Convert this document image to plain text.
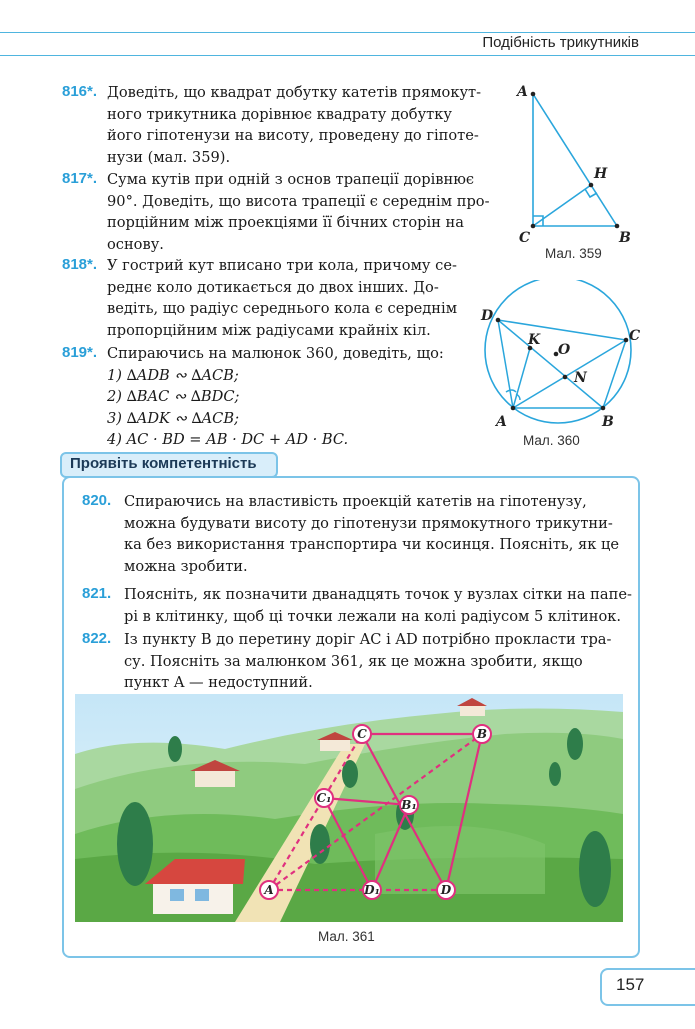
Подібність трикутників
816*. Доведіть, що квадрат добутку катетів прямокут-
ного трикутника дорівнює квадрату добутку
його гіпотенузи на висоту, проведену до гіпоте-
нузи (мал. 359).
817*. Сума кутів при одній з основ трапеції дорівнює
90°. Доведіть, що висота трапеції є середнім про-
порційним між проекціями її бічних сторін на
основу.
818*. У гострий кут вписано три кола, причому се-
реднє коло дотикається до двох інших. До-
ведіть, що радіус середнього кола є середнім
пропорційним між радіусами крайніх кіл.
819*. Спираючись на малюнок 360, доведіть, що:
1) ∆ADB ∾ ∆ACB;
2) ∆BAC ∾ ∆BDC;
3) ∆ADK ∾ ∆ACB;
4) AC · BD = AB · DC + AD · BC.
A
H
C	B
Мал. 359
D
K
O
C
N
A	B
Мал. 360
Проявіть компетентність
820. Спираючись на властивість проекцій катетів на гіпотенузу,
можна будувати висоту до гіпотенузи прямокутного трикутни-
ка без використання транспортира чи косинця. Поясніть, як це
можна зробити.
821. Поясніть, як позначити дванадцять точок у вузлах сітки на папе-
рі в клітинку, щоб ці точки лежали на колі радіусом 5 клітинок.
822. Із пункту B до перетину доріг AC і AD потрібно прокласти тра-
су. Поясніть за малюнком 361, як це можна зробити, якщо
пункт A — недоступний.
A
B
C
C₁	B₁
D₁	D
Мал. 361
157
